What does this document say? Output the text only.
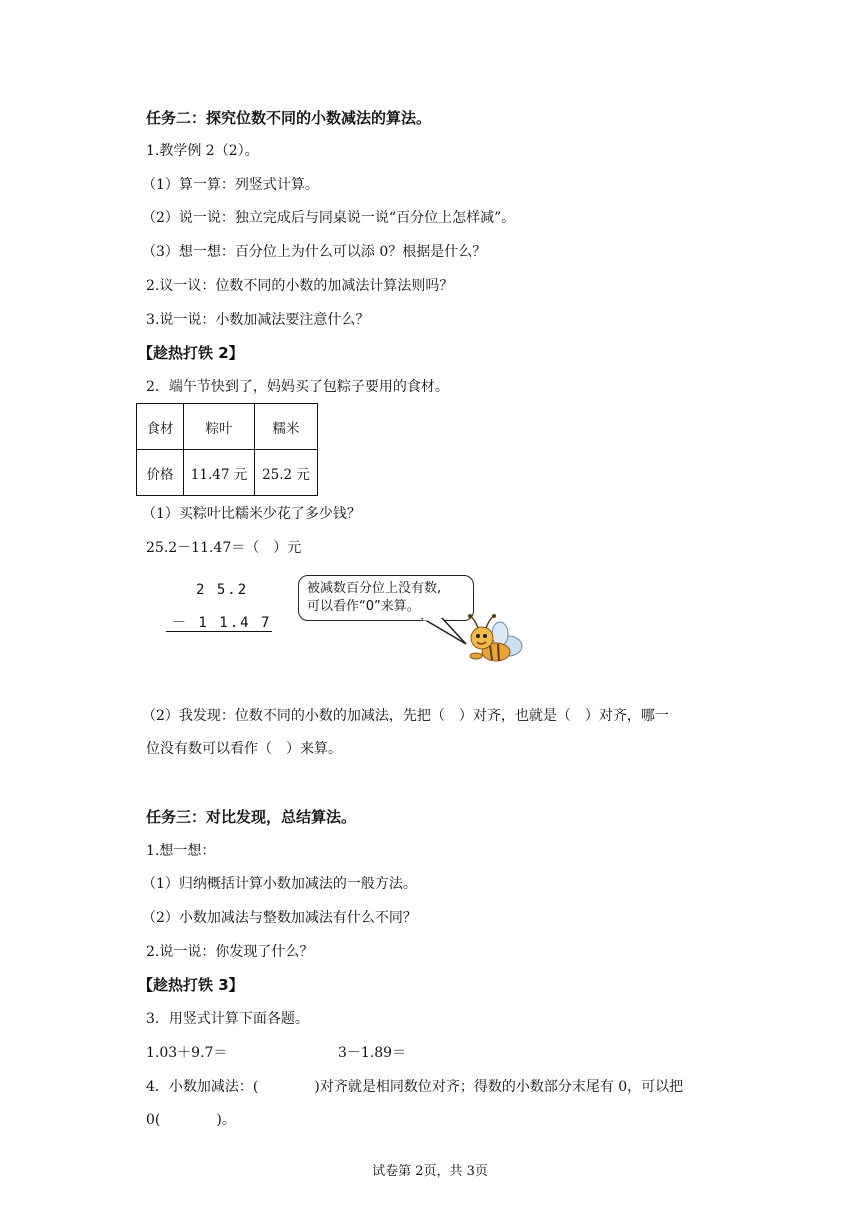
任务二：探究位数不同的小数减法的算法。
1.教学例 2（2）。
（1）算一算：列竖式计算。
（2）说一说：独立完成后与同桌说一说“百分位上怎样减”。
（3）想一想：百分位上为什么可以添 0？根据是什么？
2.议一议：位数不同的小数的加减法计算法则吗？
3.说一说：小数加减法要注意什么？
【趁热打铁 2】
2．端午节快到了，妈妈买了包粽子要用的食材。
食材	粽叶	糯米
价格	11.47 元	25.2 元
（1）买粽叶比糯米少花了多少钱？
25.2－11.47＝（　）元
2 5.2
－ 1 1.4 7
被减数百分位上没有数,
可以看作“0”来算。
（2）我发现：位数不同的小数的加减法，先把（　）对齐，也就是（　）对齐，哪一
位没有数可以看作（　）来算。
任务三：对比发现，总结算法。
1.想一想：
（1）归纳概括计算小数加减法的一般方法。
（2）小数加减法与整数加减法有什么不同？
2.说一说：你发现了什么？
【趁热打铁 3】
3．用竖式计算下面各题。
1.03＋9.7＝	3－1.89＝
4．小数加减法：(　　　　)对齐就是相同数位对齐；得数的小数部分末尾有 0，可以把
0(　　　　)。
试卷第 2页，共 3页
